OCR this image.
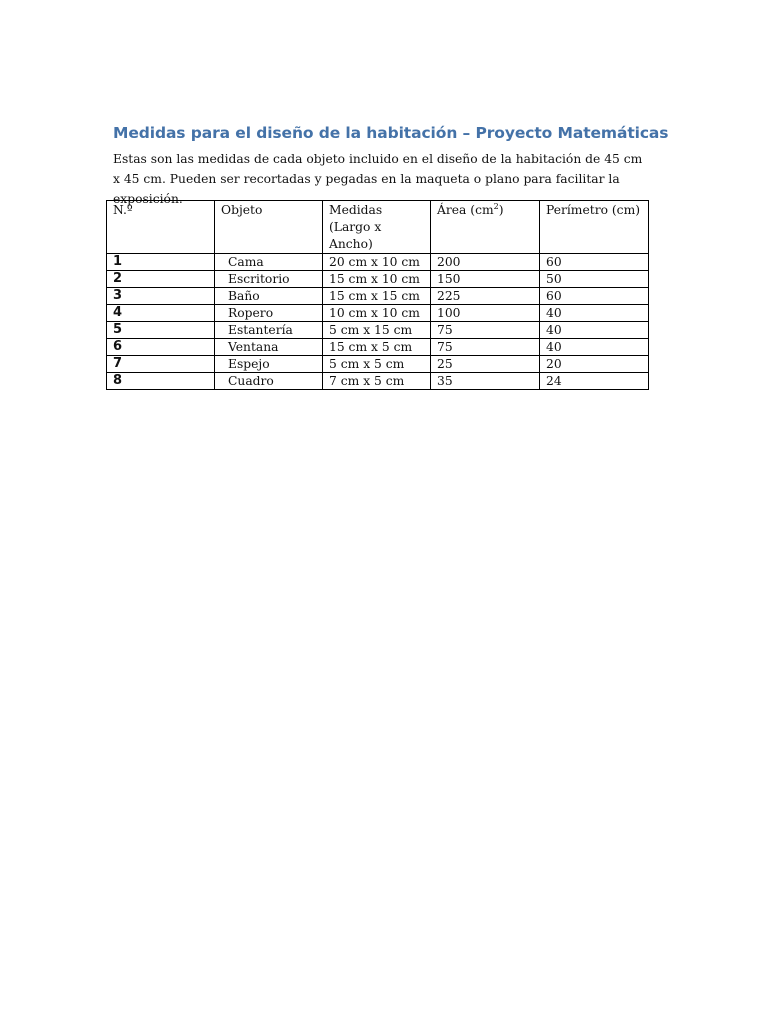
Medidas para el diseño de la habitación – Proyecto Matemáticas

Estas son las medidas de cada objeto incluido en el diseño de la habitación de 45 cm x 45 cm. Pueden ser recortadas y pegadas en la maqueta o plano para facilitar la exposición.

N.º	Objeto	Medidas (Largo x Ancho)	Área $(cm^2)$	Perímetro (cm)
1	Cama	20 cm x 10 cm	200	60
2	Escritorio	15 cm x 10 cm	150	50
3	Baño	15 cm x 15 cm	225	60
4	Ropero	10 cm x 10 cm	100	40
5	Estantería	5 cm x 15 cm	75	40
6	Ventana	15 cm x 5 cm	75	40
7	Espejo	5 cm x 5 cm	25	20
8	Cuadro	7 cm x 5 cm	35	24
